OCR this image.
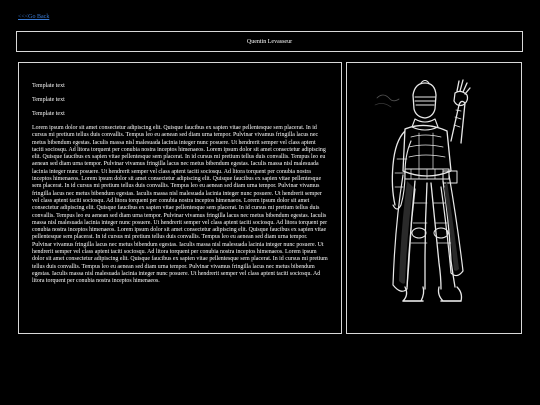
<<<Go Back
Quentin Levasseur

Template text

Template text

Template text

Lorem ipsum dolor sit amet consectetur adipiscing elit. Quisque faucibus ex sapien vitae pellentesque sem placerat. In id cursus mi pretium tellus duis convallis. Tempus leo eu aenean sed diam urna tempor. Pulvinar vivamus fringilla lacus nec metus bibendum egestas. Iaculis massa nisl malesuada lacinia integer nunc posuere. Ut hendrerit semper vel class aptent taciti sociosqu. Ad litora torquent per conubia nostra inceptos himenaeos. Lorem ipsum dolor sit amet consectetur adipiscing elit. Quisque faucibus ex sapien vitae pellentesque sem placerat. In id cursus mi pretium tellus duis convallis. Tempus leo eu aenean sed diam urna tempor. Pulvinar vivamus fringilla lacus nec metus bibendum egestas. Iaculis massa nisl malesuada lacinia integer nunc posuere. Ut hendrerit semper vel class aptent taciti sociosqu. Ad litora torquent per conubia nostra inceptos himenaeos. Lorem ipsum dolor sit amet consectetur adipiscing elit. Quisque faucibus ex sapien vitae pellentesque sem placerat. In id cursus mi pretium tellus duis convallis. Tempus leo eu aenean sed diam urna tempor. Pulvinar vivamus fringilla lacus nec metus bibendum egestas. Iaculis massa nisl malesuada lacinia integer nunc posuere. Ut hendrerit semper vel class aptent taciti sociosqu. Ad litora torquent per conubia nostra inceptos himenaeos. Lorem ipsum dolor sit amet consectetur adipiscing elit. Quisque faucibus ex sapien vitae pellentesque sem placerat. In id cursus mi pretium tellus duis convallis. Tempus leo eu aenean sed diam urna tempor. Pulvinar vivamus fringilla lacus nec metus bibendum egestas. Iaculis massa nisl malesuada lacinia integer nunc posuere. Ut hendrerit semper vel class aptent taciti sociosqu. Ad litora torquent per conubia nostra inceptos himenaeos. Lorem ipsum dolor sit amet consectetur adipiscing elit. Quisque faucibus ex sapien vitae pellentesque sem placerat. In id cursus mi pretium tellus duis convallis. Tempus leo eu aenean sed diam urna tempor. Pulvinar vivamus fringilla lacus nec metus bibendum egestas. Iaculis massa nisl malesuada lacinia integer nunc posuere. Ut hendrerit semper vel class aptent taciti sociosqu. Ad litora torquent per conubia nostra inceptos himenaeos. Lorem ipsum dolor sit amet consectetur adipiscing elit. Quisque faucibus ex sapien vitae pellentesque sem placerat. In id cursus mi pretium tellus duis convallis. Tempus leo eu aenean sed diam urna tempor. Pulvinar vivamus fringilla lacus nec metus bibendum egestas. Iaculis massa nisl malesuada lacinia integer nunc posuere. Ut hendrerit semper vel class aptent taciti sociosqu. Ad litora torquent per conubia nostra inceptos himenaeos.
